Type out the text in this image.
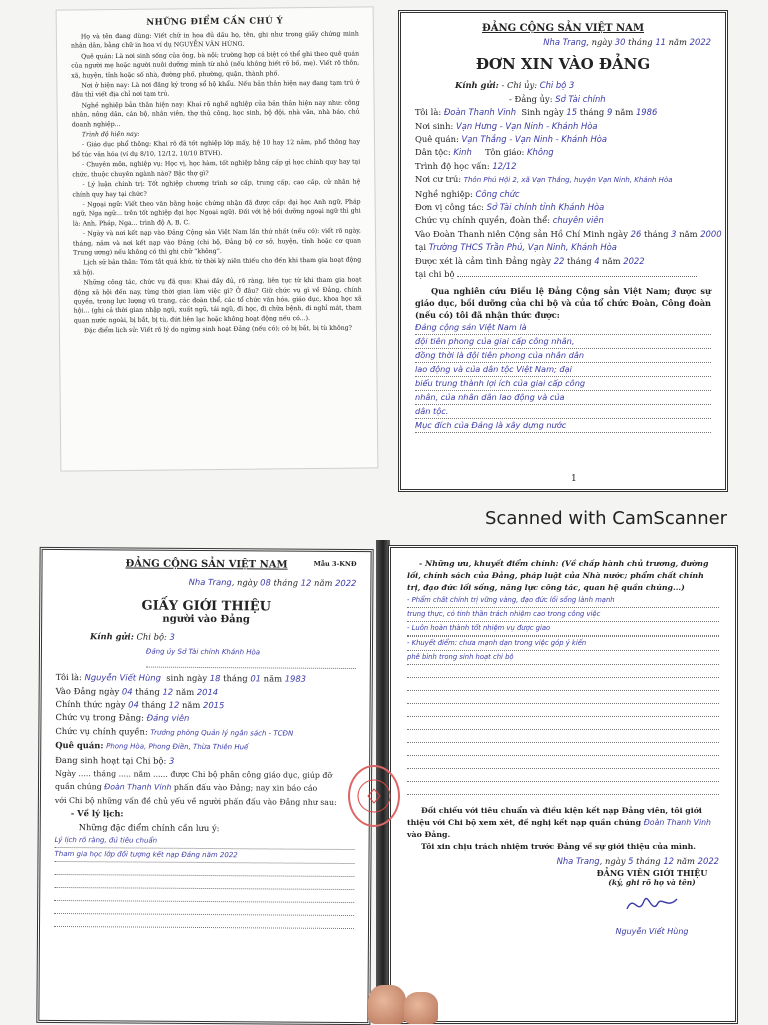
NHỮNG ĐIỂM CẦN CHÚ Ý

Họ và tên đang dùng: Viết chữ in hoa đủ dấu họ, tên, ghi như trong giấy chứng minh nhân dân, bằng chữ in hoa ví dụ NGUYỄN VĂN HÙNG.

Quê quán: Là nơi sinh sống của ông, bà nội; trường hợp cá biệt có thể ghi theo quê quán của người mẹ hoặc người nuôi dưỡng mình từ nhỏ (nếu không biết rõ bố, mẹ). Viết rõ thôn, xã, huyện, tỉnh hoặc số nhà, đường phố, phường, quận, thành phố.

Nơi ở hiện nay: Là nơi đăng ký trong sổ hộ khẩu. Nếu bản thân hiện nay đang tạm trú ở đâu thì viết địa chỉ nơi tạm trú.

Nghề nghiệp bản thân hiện nay: Khai rõ nghề nghiệp của bản thân hiện nay như: công nhân, nông dân, cán bộ, nhân viên, thợ thủ công, học sinh, bộ đội, nhà văn, nhà báo, chủ doanh nghiệp...

Trình độ hiện nay:

- Giáo dục phổ thông: Khai rõ đã tốt nghiệp lớp mấy, hệ 10 hay 12 năm, phổ thông hay bổ túc văn hóa (ví dụ 8/10, 12/12, 10/10 BTVH).

- Chuyên môn, nghiệp vụ: Học vị, học hàm, tốt nghiệp bằng cấp gì học chính quy hay tại chức, thuộc chuyên ngành nào? Bậc thợ gì?

- Lý luận chính trị: Tốt nghiệp chương trình sơ cấp, trung cấp, cao cấp, cử nhân hệ chính quy hay tại chức?

- Ngoại ngữ: Viết theo văn bằng hoặc chứng nhận đã được cấp: đại học Anh ngữ, Pháp ngữ, Nga ngữ... trên tốt nghiệp đại học Ngoại ngữ). Đối với hệ bồi dưỡng ngoại ngữ thì ghi là: Anh, Pháp, Nga... trình độ A, B, C.

- Ngày và nơi kết nạp vào Đảng Cộng sản Việt Nam lần thứ nhất (nếu có): viết rõ ngày, tháng, năm và nơi kết nạp vào Đảng (chi bộ, Đảng bộ cơ sở, huyện, tỉnh hoặc cơ quan Trung ương) nếu không có thì ghi chữ “không”.

Lịch sử bản thân: Tóm tắt quá khứ, từ thời kỳ niên thiếu cho đến khi tham gia hoạt động xã hội.

Những công tác, chức vụ đã qua: Khai đầy đủ, rõ ràng, liên tục từ khi tham gia hoạt động xã hội đến nay, từng thời gian làm việc gì? Ở đâu? Giữ chức vụ gì về Đảng, chính quyền, trong lực lượng vũ trang, các đoàn thể, các tổ chức văn hóa, giáo dục, khoa học xã hội... (ghi cả thời gian nhập ngũ, xuất ngũ, tái ngũ, đi học, đi chữa bệnh, đi nghỉ mát, tham quan nước ngoài, bị bắt, bị tù, đứt liên lạc hoặc không hoạt động nếu có...).

Đặc điểm lịch sử: Viết rõ lý do ngừng sinh hoạt Đảng (nếu có); có bị bắt, bị tù không?

ĐẢNG CỘNG SẢN VIỆT NAM
Nha Trang, ngày 30 tháng 11 năm 2022
ĐƠN XIN VÀO ĐẢNG
Kính gửi: - Chi ủy: Chi bộ 3
- Đảng ủy: Sở Tài chính
Tôi là: Đoàn Thanh Vinh Sinh ngày 15 tháng 9 năm 1986
Nơi sinh: Vạn Hưng - Vạn Ninh - Khánh Hòa
Quê quán: Vạn Thắng - Vạn Ninh - Khánh Hòa
Dân tộc: Kinh Tôn giáo: Không
Trình độ học vấn: 12/12
Nơi cư trú: Thôn Phú Hội 2, xã Vạn Thắng, huyện Vạn Ninh, Khánh Hòa
Nghề nghiệp: Công chức
Đơn vị công tác: Sở Tài chính tỉnh Khánh Hòa
Chức vụ chính quyền, đoàn thể: chuyên viên
Vào Đoàn Thanh niên Cộng sản Hồ Chí Minh ngày 26 tháng 3 năm 2000
tại Trường THCS Trần Phú, Vạn Ninh, Khánh Hòa
Được xét là cảm tình Đảng ngày 22 tháng 4 năm 2022
tại chi bộ
Qua nghiên cứu Điều lệ Đảng Cộng sản Việt Nam; được sự giáo dục, bồi dưỡng của chi bộ và của tổ chức Đoàn, Công đoàn (nếu có) tôi đã nhận thức được:
Đảng cộng sản Việt Nam là
đội tiên phong của giai cấp công nhân,
đồng thời là đội tiên phong của nhân dân
lao động và của dân tộc Việt Nam; đại
biểu trung thành lợi ích của giai cấp công
nhân, của nhân dân lao động và của
dân tộc.
Mục đích của Đảng là xây dựng nước
1
Scanned with CamScanner
ĐẢNG CỘNG SẢN VIỆT NAM	Mẫu 3-KNĐ
Nha Trang, ngày 08 tháng 12 năm 2022
GIẤY GIỚI THIỆU
người vào Đảng
Kính gửi: Chi bộ: 3
Đảng ủy Sở Tài chính Khánh Hòa
Tôi là: Nguyễn Viết Hùng sinh ngày 18 tháng 01 năm 1983
Vào Đảng ngày 04 tháng 12 năm 2014
Chính thức ngày 04 tháng 12 năm 2015
Chức vụ trong Đảng: Đảng viên
Chức vụ chính quyền: Trưởng phòng Quản lý ngân sách - TCĐN
Quê quán: Phong Hòa, Phong Điền, Thừa Thiên Huế
Đang sinh hoạt tại Chi bộ: 3
Ngày ..... tháng ..... năm ...... được Chi bộ phân công giáo dục, giúp đỡ
quần chúng Đoàn Thanh Vinh phấn đấu vào Đảng; nay xin báo cáo
với Chi bộ những vấn đề chủ yếu về người phấn đấu vào Đảng như sau:
- Về lý lịch:
Những đặc điểm chính cần lưu ý:
Lý lịch rõ ràng, đủ tiêu chuẩn
Tham gia học lớp đối tượng kết nạp Đảng năm 2022
- Những ưu, khuyết điểm chính: (Về chấp hành chủ trương, đường lối, chính sách của Đảng, pháp luật của Nhà nước; phẩm chất chính trị, đạo đức lối sống, năng lực công tác, quan hệ quần chúng...)
- Phẩm chất chính trị vững vàng, đạo đức lối sống lành mạnh
trung thực, có tinh thần trách nhiệm cao trong công việc
- Luôn hoàn thành tốt nhiệm vụ được giao
- Khuyết điểm: chưa mạnh dạn trong việc góp ý kiến
phê bình trong sinh hoạt chi bộ
Đối chiếu với tiêu chuẩn và điều kiện kết nạp Đảng viên, tôi giới thiệu với Chi bộ xem xét, đề nghị kết nạp quần chúng Đoàn Thanh Vinh vào Đảng.
Tôi xin chịu trách nhiệm trước Đảng về sự giới thiệu của mình.
Nha Trang, ngày 5 tháng 12 năm 2022
ĐẢNG VIÊN GIỚI THIỆU
(ký, ghi rõ họ và tên)
Nguyễn Viết Hùng
